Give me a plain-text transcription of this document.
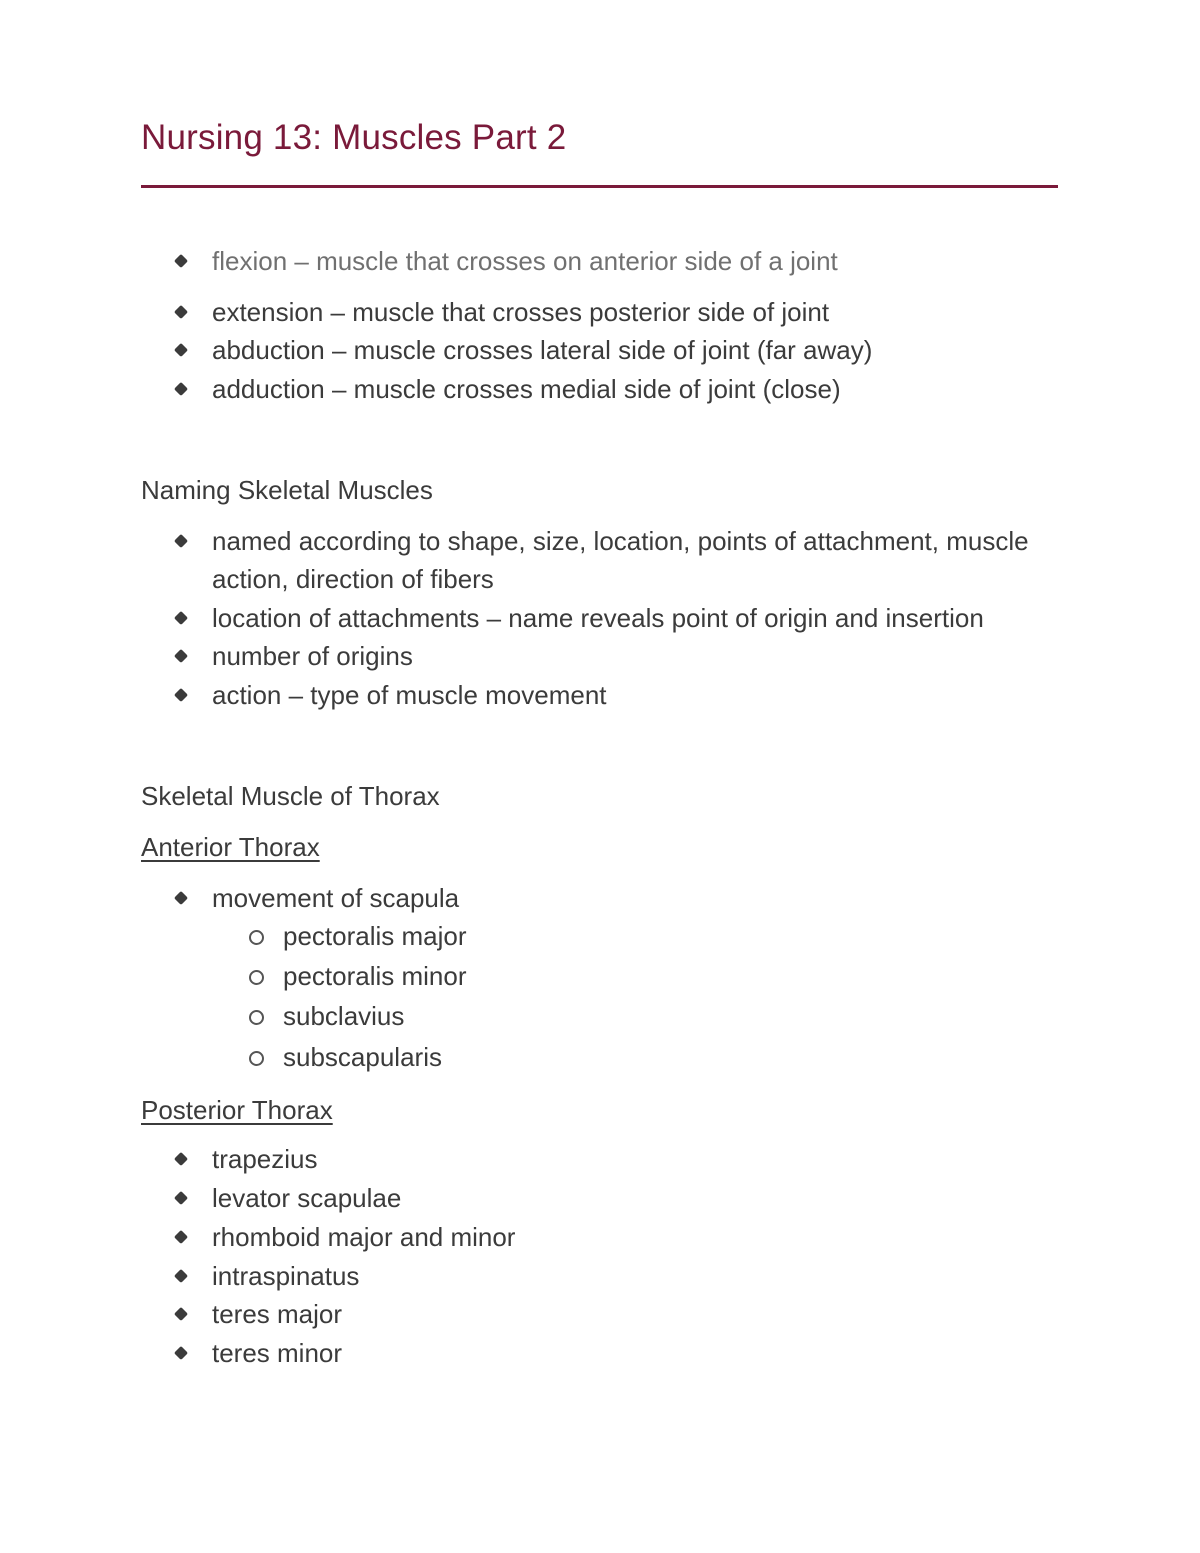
Nursing 13: Muscles Part 2
flexion – muscle that crosses on anterior side of a joint
extension – muscle that crosses posterior side of joint
abduction – muscle crosses lateral side of joint (far away)
adduction – muscle crosses medial side of joint (close)
Naming Skeletal Muscles
named according to shape, size, location, points of attachment, muscle
action, direction of fibers
location of attachments – name reveals point of origin and insertion
number of origins
action – type of muscle movement
Skeletal Muscle of Thorax
Anterior Thorax
movement of scapula
pectoralis major
pectoralis minor
subclavius
subscapularis
Posterior Thorax
trapezius
levator scapulae
rhomboid major and minor
intraspinatus
teres major
teres minor
